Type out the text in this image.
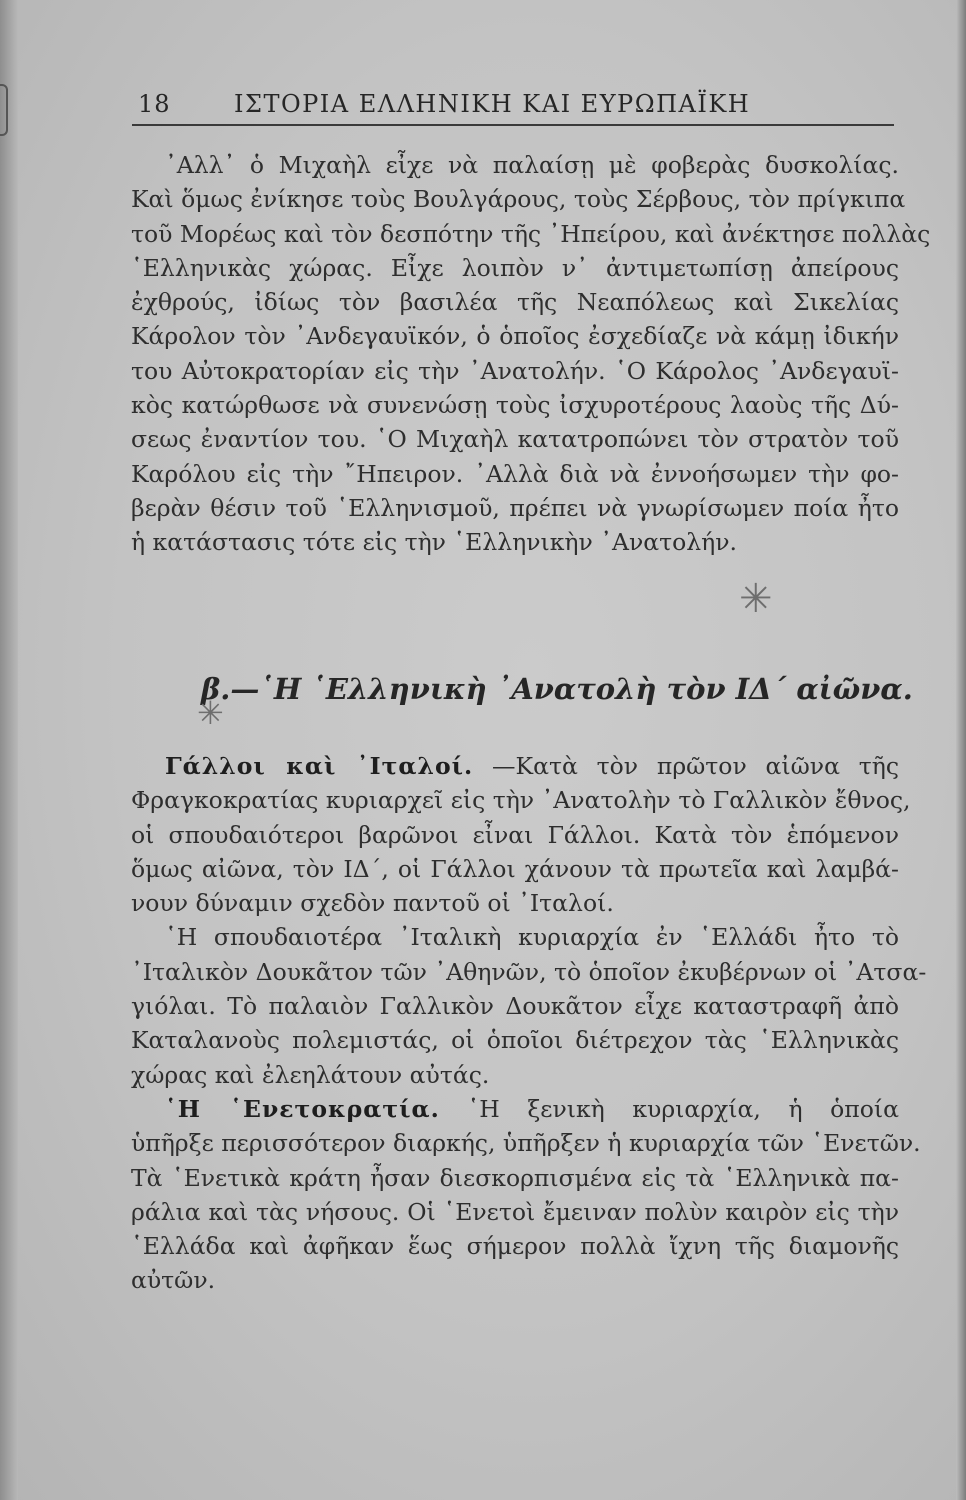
18	ΙΣΤΟΡΙΑ ΕΛΛΗΝΙΚΗ ΚΑΙ ΕΥΡΩΠΑΪΚΗ
᾿Αλλ᾿ ὁ Μιχαὴλ εἶχε νὰ παλαίσῃ μὲ φοβερὰς δυσκολίας.
Καὶ ὅμως ἐνίκησε τοὺς Βουλγάρους, τοὺς Σέρβους, τὸν πρίγκιπα
τοῦ Μορέως καὶ τὸν δεσπότην τῆς ᾿Ηπείρου, καὶ ἀνέκτησε πολλὰς
῾Ελληνικὰς χώρας. Εἶχε λοιπὸν ν᾿ ἀντιμετωπίσῃ ἀπείρους
ἐχθρούς, ἰδίως τὸν βασιλέα τῆς Νεαπόλεως καὶ Σικελίας
Κάρολον τὸν ᾿Ανδεγαυϊκόν, ὁ ὁποῖος ἐσχεδίαζε νὰ κάμῃ ἰδικήν
του Αὐτοκρατορίαν εἰς τὴν ᾿Ανατολήν. ῾Ο Κάρολος ᾿Ανδεγαυϊ-
κὸς κατώρθωσε νὰ συνενώσῃ τοὺς ἰσχυροτέρους λαοὺς τῆς Δύ-
σεως ἐναντίον του. ῾Ο Μιχαὴλ κατατροπώνει τὸν στρατὸν τοῦ
Καρόλου εἰς τὴν ῎Ηπειρον. ᾿Αλλὰ διὰ νὰ ἐννοήσωμεν τὴν φο-
βερὰν θέσιν τοῦ ῾Ελληνισμοῦ, πρέπει νὰ γνωρίσωμεν ποία ἦτο
ἡ κατάστασις τότε εἰς τὴν ῾Ελληνικὴν ᾿Ανατολήν.
✳
β.—῾Η ῾Ελληνικὴ ᾿Ανατολὴ τὸν ΙΔ΄ αἰῶνα.
✳
Γάλλοι καὶ ᾿Ιταλοί. —Κατὰ τὸν πρῶτον αἰῶνα τῆς
Φραγκοκρατίας κυριαρχεῖ εἰς τὴν ᾿Ανατολὴν τὸ Γαλλικὸν ἔθνος,
οἱ σπουδαιότεροι βαρῶνοι εἶναι Γάλλοι. Κατὰ τὸν ἑπόμενον
ὅμως αἰῶνα, τὸν ΙΔ΄, οἱ Γάλλοι χάνουν τὰ πρωτεῖα καὶ λαμβά-
νουν δύναμιν σχεδὸν παντοῦ οἱ ᾿Ιταλοί.
῾Η σπουδαιοτέρα ᾿Ιταλικὴ κυριαρχία ἐν ῾Ελλάδι ἦτο τὸ
᾿Ιταλικὸν Δουκᾶτον τῶν ᾿Αθηνῶν, τὸ ὁποῖον ἐκυβέρνων οἱ ᾿Ατσα-
γιόλαι. Τὸ παλαιὸν Γαλλικὸν Δουκᾶτον εἶχε καταστραφῆ ἀπὸ
Καταλανοὺς πολεμιστάς, οἱ ὁποῖοι διέτρεχον τὰς ῾Ελληνικὰς
χώρας καὶ ἐλεηλάτουν αὐτάς.
῾Η ῾Ενετοκρατία. ῾Η ξενικὴ κυριαρχία, ἡ ὁποία
ὑπῆρξε περισσότερον διαρκής, ὑπῆρξεν ἡ κυριαρχία τῶν ῾Ενετῶν.
Τὰ ῾Ενετικὰ κράτη ἦσαν διεσκορπισμένα εἰς τὰ ῾Ελληνικὰ πα-
ράλια καὶ τὰς νήσους. Οἱ ῾Ενετοὶ ἔμειναν πολὺν καιρὸν εἰς τὴν
῾Ελλάδα καὶ ἀφῆκαν ἕως σήμερον πολλὰ ἴχνη τῆς διαμονῆς
αὐτῶν.
